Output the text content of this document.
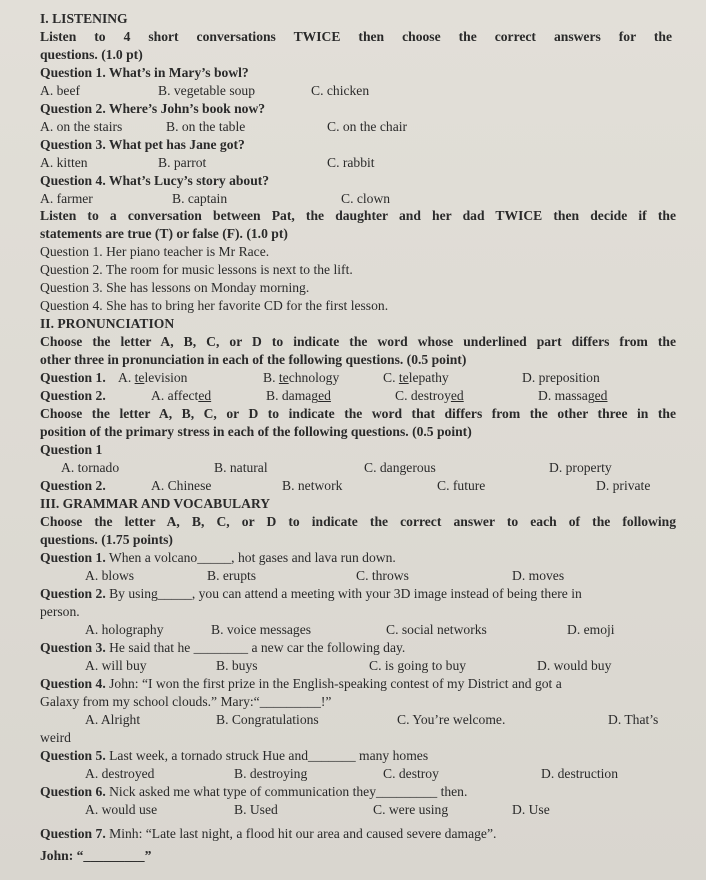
I. LISTENING
Listen to 4 short conversations TWICE then choose the correct answers for the
questions. (1.0 pt)
Question 1. What’s in Mary’s bowl?
A. beef	B. vegetable soup	C. chicken
Question 2. Where’s John’s book now?
A. on the stairs	B. on the table	C. on the chair
Question 3. What pet has Jane got?
A. kitten	B. parrot	C. rabbit
Question 4. What’s Lucy’s story about?
A. farmer	B. captain	C. clown
Listen to a conversation between Pat, the daughter and her dad TWICE then decide if the
statements are true (T) or false (F). (1.0 pt)
Question 1. Her piano teacher is Mr Race.
Question 2. The room for music lessons is next to the lift.
Question 3. She has lessons on Monday morning.
Question 4. She has to bring her favorite CD for the first lesson.
II. PRONUNCIATION
Choose the letter A, B, C, or D to indicate the word whose underlined part differs from the
other three in pronunciation in each of the following questions. (0.5 point)
Question 1. A. television	B. technology	C. telepathy	D. preposition
Question 2.	A. affected	B. damaged	C. destroyed	D. massaged
Choose the letter A, B, C, or D to indicate the word that differs from the other three in the
position of the primary stress in each of the following questions. (0.5 point)
Question 1
A. tornado	B. natural	C. dangerous	D. property
Question 2.	A. Chinese	B. network	C. future	D. private
III. GRAMMAR AND VOCABULARY
Choose the letter A, B, C, or D to indicate the correct answer to each of the following
questions. (1.75 points)
Question 1. When a volcano_____, hot gases and lava run down.
A. blows	B. erupts	C. throws	D. moves
Question 2. By using_____, you can attend a meeting with your 3D image instead of being there in
person.
A. holography	B. voice messages	C. social networks	D. emoji
Question 3. He said that he ________ a new car the following day.
A. will buy	B. buys	C. is going to buy	D. would buy
Question 4. John: “I won the first prize in the English-speaking contest of my District and got a
Galaxy from my school clouds.” Mary:“_________!”
A. Alright	B. Congratulations	C. You’re welcome.	D. That’s
weird
Question 5. Last week, a tornado struck Hue and_______ many homes
A. destroyed	B. destroying	C. destroy	D. destruction
Question 6. Nick asked me what type of communication they_________ then.
A. would use	B. Used	C. were using	D. Use
Question 7. Minh: “Late last night, a flood hit our area and caused severe damage”.
John: “_________”
